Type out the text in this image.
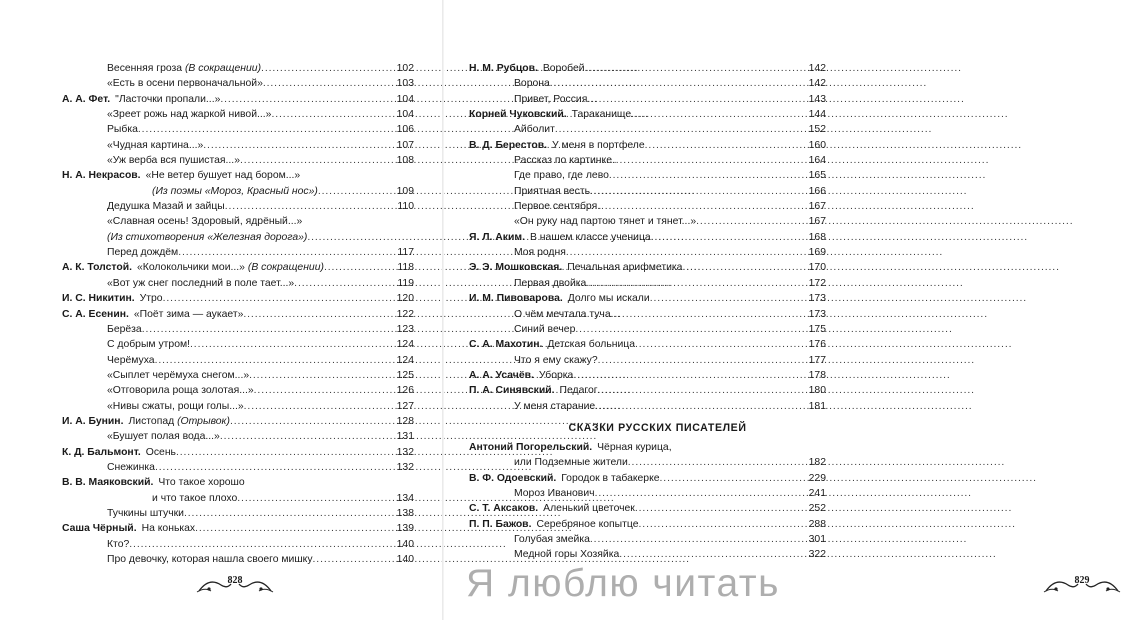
Весенняя гроза (В сокращении) . . .	102
«Есть в осени первоначальной» . . .	103
А. А. Фет. "Ласточки пропали...» . . .	104
«Зреет рожь над жаркой нивой...» . . .	104
Рыбка . . .	106
«Чудная картина...» . . .	107
«Уж верба вся пушистая...» . . .	108
Н. А. Некрасов. «Не ветер бушует над бором...»
(Из поэмы «Мороз, Красный нос») . . .	109
Дедушка Мазай и зайцы . . .	110
«Славная осень! Здоровый, ядрёный...»
(Из стихотворения «Железная дорога»)
. . .
Перед дождём . . .	117
А. К. Толстой. «Колокольчики мои...» (В сокращении) . . .	118
«Вот уж снег последний в поле тает...» . . .	119
И. С. Никитин. Утро . . .	120
С. А. Есенин. «Поёт зима — аукает» . . .	122
Берёза . . .	123
С добрым утром! . . .	124
Черёмуха . . .	124
«Сыплет черёмуха снегом...» . . .	125
«Отговорила роща золотая...» . . .	126
«Нивы сжаты, рощи голы...» . . .	127
И. А. Бунин. Листопад (Отрывок) . . .	128
«Бушует полая вода...» . . .	131
К. Д. Бальмонт. Осень . . .	132
Снежинка . . .	132
В. В. Маяковский. Что такое хорошо
и что такое плохо . . .	134
Тучкины штучки . . .	138
Саша Чёрный. На коньках . . .	139
Кто? . . .	140
Про девочку, которая нашла своего мишку . . .	140
828
Н. М. Рубцов. Воробей . . .	142
Ворона . . .	142
Привет, Россия . . .	143
Корней Чуковский. Тараканище . . .	144
Айболит . . .	152
В. Д. Берестов. У меня в портфеле . . .	160
Рассказ по картинке . . .	164
Где право, где лево . . .	165
Приятная весть . . .	166
Первое сентября . . .	167
«Он руку над партою тянет и тянет...» . . .	167
Я. Л. Аким. В нашем классе ученица . . .	168
Моя родня . . .	169
Э. Э. Мошковская. Печальная арифметика . . .	170
Первая двойка . . .	172
И. М. Пивоварова. Долго мы искали . . .	173
О чём мечтала туча . . .	173
Синий вечер . . .	175
С. А. Махотин. Детская больница . . .	176
Что я ему скажу? . . .	177
А. А. Усачёв. Уборка . . .	178
П. А. Синявский. Педагог . . .	180
У меня старание . . .	181
СКАЗКИ РУССКИХ ПИСАТЕЛЕЙ
Антоний Погорельский. Чёрная курица,
или Подземные жители . . .	182
В. Ф. Одоевский. Городок в табакерке . . .	229
Мороз Иванович . . .	241
С. Т. Аксаков. Аленький цветочек . . .	252
П. П. Бажов. Серебряное копытце . . .	288
Голубая змейка . . .	301
Медной горы Хозяйка . . .	322
829
Я люблю читать
